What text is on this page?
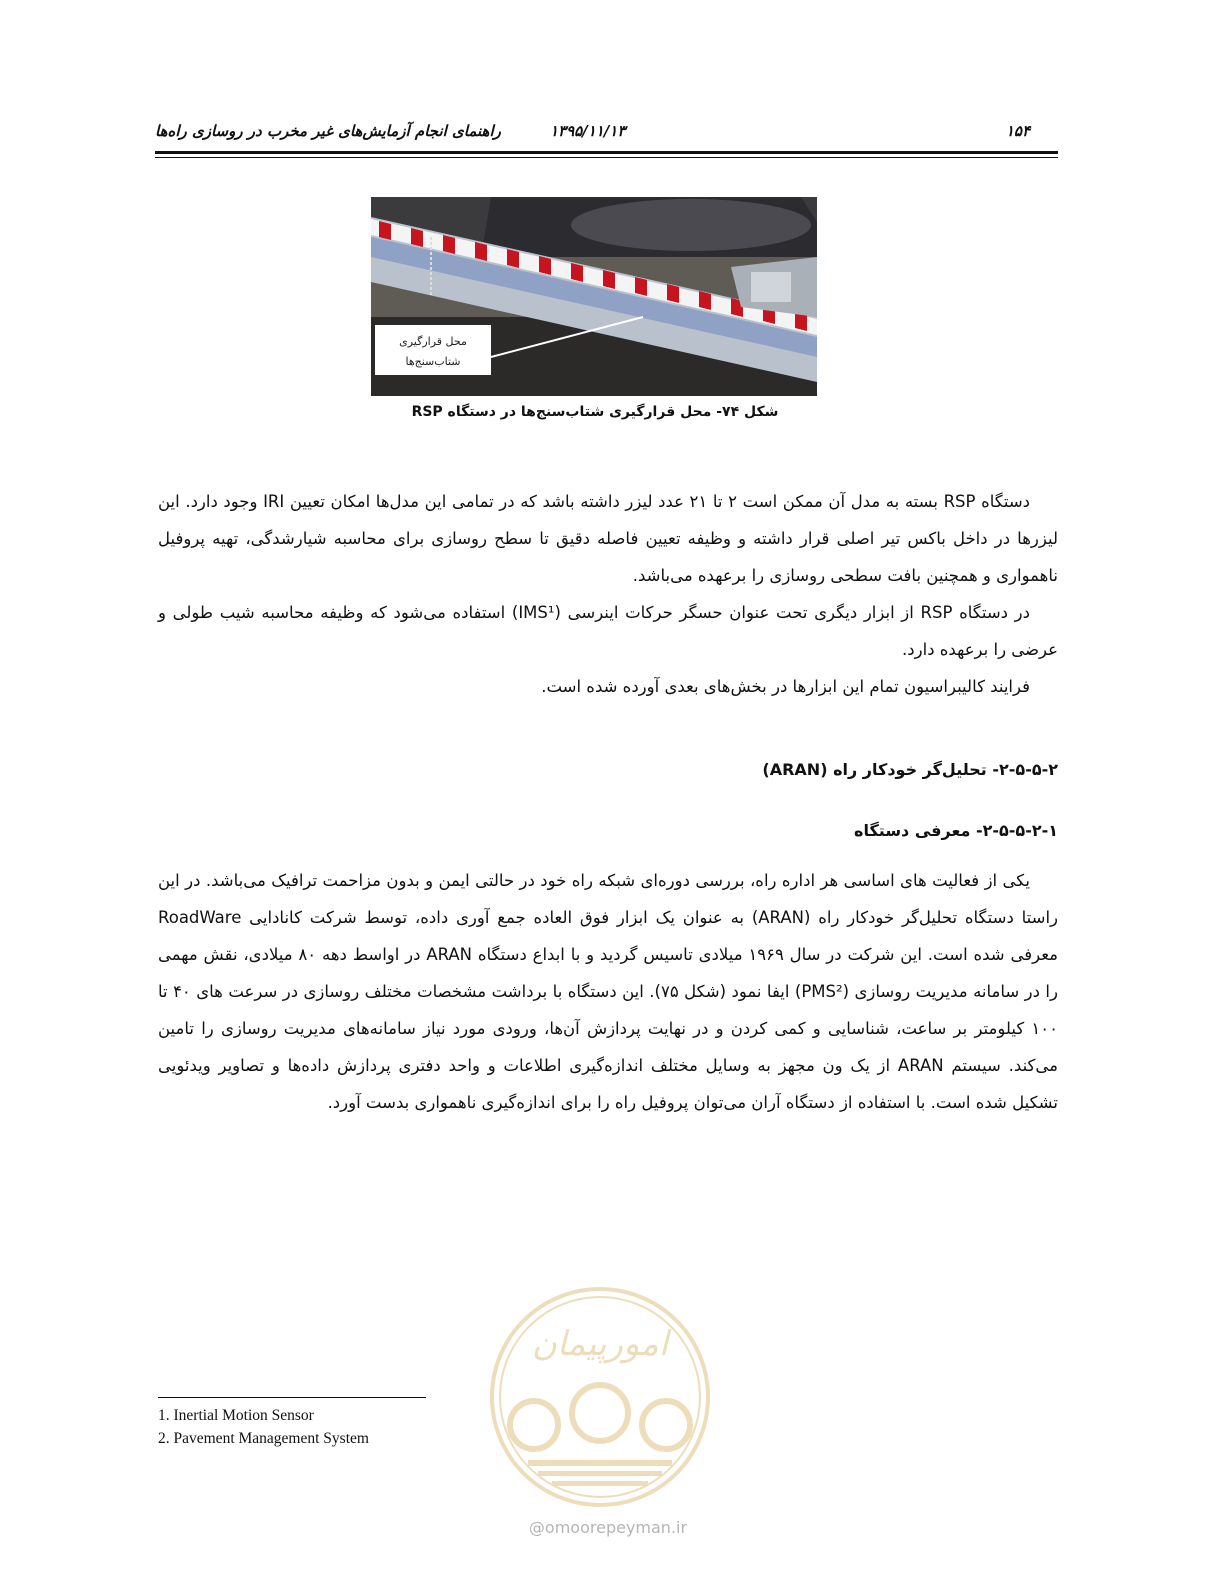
۱۵۴
۱۳۹۵/۱۱/۱۳
راهنمای انجام آزمایش‌های غیر مخرب در روسازی راه‌ها
محل قرارگیری
شتاب‌سنج‌ها
شکل ۷۴- محل قرارگیری شتاب‌سنج‌ها در دستگاه RSP

دستگاه RSP بسته به مدل آن ممکن است ۲ تا ۲۱ عدد لیزر داشته باشد که در تمامی این مدل‌ها امکان تعیین IRI وجود دارد. این لیزرها در داخل باکس تیر اصلی قرار داشته و وظیفه تعیین فاصله دقیق تا سطح روسازی برای محاسبه شیارشدگی، تهیه پروفیل ناهمواری و همچنین بافت سطحی روسازی را برعهده می‌باشد.

در دستگاه RSP از ابزار دیگری تحت عنوان حسگر حرکات اینرسی (IMS¹) استفاده می‌شود که وظیفه محاسبه شیب طولی و عرضی را برعهده دارد.

فرایند کالیبراسیون تمام این ابزارها در بخش‌های بعدی آورده شده است.

۲-۵-۵-۲- تحلیل‌گر خودکار راه (ARAN)
۲-۵-۵-۲-۱- معرفی دستگاه

یکی از فعالیت های اساسی هر اداره راه، بررسی دوره‌ای شبکه راه خود در حالتی ایمن و بدون مزاحمت ترافیک می‌باشد. در این راستا دستگاه تحلیل‌گر خودکار راه (ARAN) به عنوان یک ابزار فوق العاده جمع آوری داده، توسط شرکت کانادایی RoadWare معرفی شده است. این شرکت در سال ۱۹۶۹ میلادی تاسیس گردید و با ابداع دستگاه ARAN در اواسط دهه ۸۰ میلادی، نقش مهمی را در سامانه مدیریت روسازی (PMS²) ایفا نمود (شکل ۷۵). این دستگاه با برداشت مشخصات مختلف روسازی در سرعت های ۴۰ تا ۱۰۰ کیلومتر بر ساعت، شناسایی و کمی کردن و در نهایت پردازش آن‌ها، ورودی مورد نیاز سامانه‌های مدیریت روسازی را تامین می‌کند. سیستم ARAN از یک ون مجهز به وسایل مختلف اندازه‌گیری اطلاعات و واحد دفتری پردازش داده‌ها و تصاویر ویدئویی تشکیل شده است. با استفاده از دستگاه آران می‌توان پروفیل راه را برای اندازه‌گیری ناهمواری بدست آورد.

امورپیمان
@omoorepeyman.ir
1. Inertial Motion Sensor
2. Pavement Management System
